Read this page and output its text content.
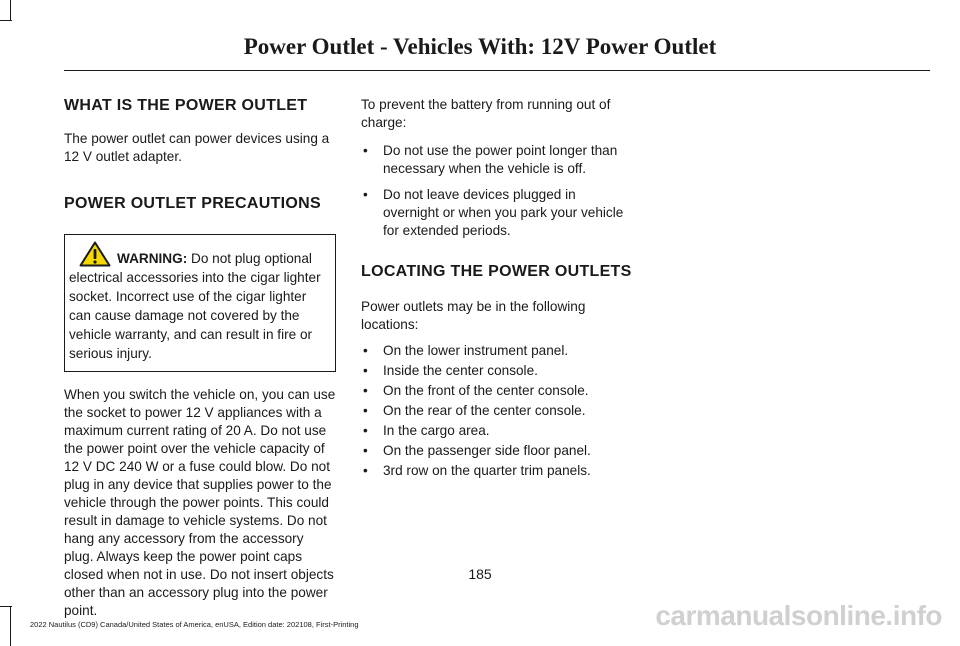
Power Outlet - Vehicles With: 12V Power Outlet
WHAT IS THE POWER OUTLET

The power outlet can power devices using a 12 V outlet adapter.

POWER OUTLET PRECAUTIONS

WARNING: Do not plug optional electrical accessories into the cigar lighter socket. Incorrect use of the cigar lighter can cause damage not covered by the vehicle warranty, and can result in fire or serious injury.

When you switch the vehicle on, you can use the socket to power 12 V appliances with a maximum current rating of 20 A. Do not use the power point over the vehicle capacity of 12 V DC 240 W or a fuse could blow. Do not plug in any device that supplies power to the vehicle through the power points. This could result in damage to vehicle systems. Do not hang any accessory from the accessory plug. Always keep the power point caps closed when not in use. Do not insert objects other than an accessory plug into the power point.

To prevent the battery from running out of charge:

• Do not use the power point longer than necessary when the vehicle is off.
• Do not leave devices plugged in overnight or when you park your vehicle for extended periods.
LOCATING THE POWER OUTLETS

Power outlets may be in the following locations:

• On the lower instrument panel.
• Inside the center console.
• On the front of the center console.
• On the rear of the center console.
• In the cargo area.
• On the passenger side floor panel.
• 3rd row on the quarter trim panels.
185
2022 Nautilus (CD9) Canada/United States of America, enUSA, Edition date: 202108, First-Printing	carmanualsonline.info
